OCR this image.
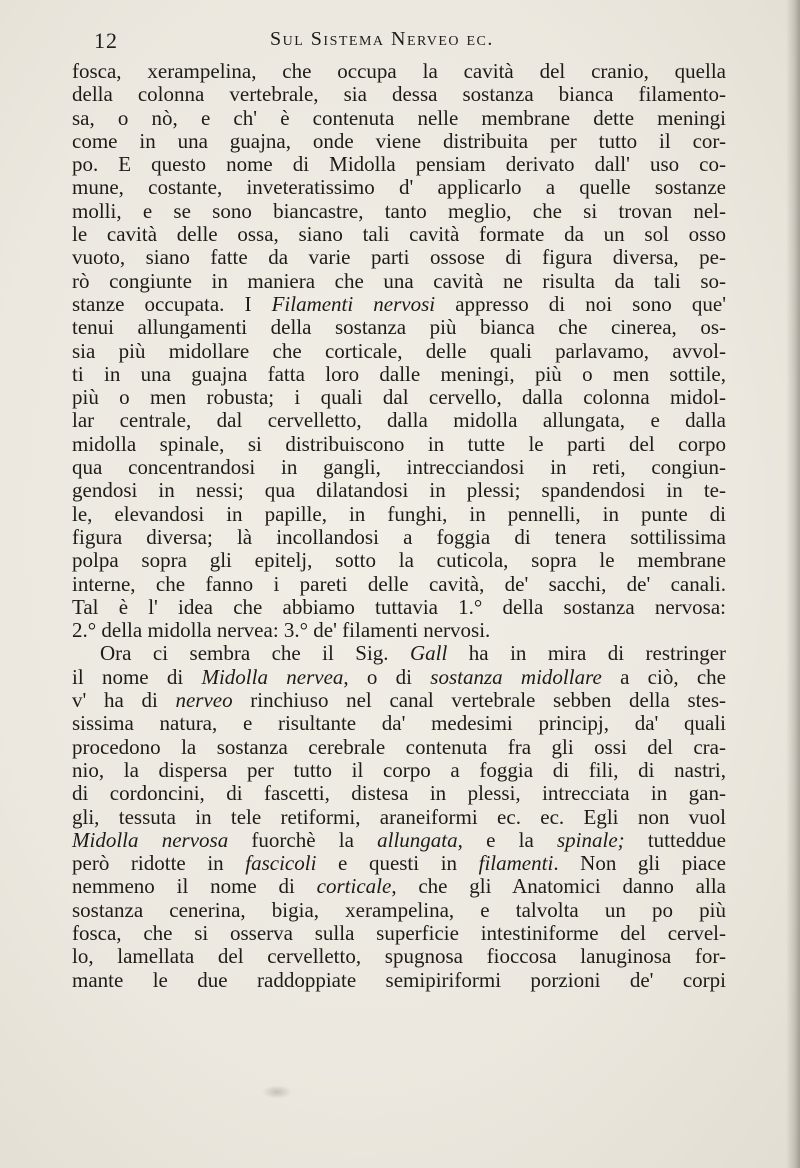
12	Sul Sistema Nerveo ec.
fosca, xerampelina, che occupa la cavità del cranio, quella
della colonna vertebrale, sia dessa sostanza bianca filamento-
sa, o nò, e ch' è contenuta nelle membrane dette meningi
come in una guajna, onde viene distribuita per tutto il cor-
po. E questo nome di Midolla pensiam derivato dall' uso co-
mune, costante, inveteratissimo d' applicarlo a quelle sostanze
molli, e se sono biancastre, tanto meglio, che si trovan nel-
le cavità delle ossa, siano tali cavità formate da un sol osso
vuoto, siano fatte da varie parti ossose di figura diversa, pe-
rò congiunte in maniera che una cavità ne risulta da tali so-
stanze occupata. I Filamenti nervosi appresso di noi sono que'
tenui allungamenti della sostanza più bianca che cinerea, os-
sia più midollare che corticale, delle quali parlavamo, avvol-
ti in una guajna fatta loro dalle meningi, più o men sottile,
più o men robusta; i quali dal cervello, dalla colonna midol-
lar centrale, dal cervelletto, dalla midolla allungata, e dalla
midolla spinale, si distribuiscono in tutte le parti del corpo
qua concentrandosi in gangli, intrecciandosi in reti, congiun-
gendosi in nessi; qua dilatandosi in plessi; spandendosi in te-
le, elevandosi in papille, in funghi, in pennelli, in punte di
figura diversa; là incollandosi a foggia di tenera sottilissima
polpa sopra gli epitelj, sotto la cuticola, sopra le membrane
interne, che fanno i pareti delle cavità, de' sacchi, de' canali.
Tal è l' idea che abbiamo tuttavia 1.° della sostanza nervosa:
2.° della midolla nervea: 3.° de' filamenti nervosi.
Ora ci sembra che il Sig. Gall ha in mira di restringer
il nome di Midolla nervea, o di sostanza midollare a ciò, che
v' ha di nerveo rinchiuso nel canal vertebrale sebben della stes-
sissima natura, e risultante da' medesimi principj, da' quali
procedono la sostanza cerebrale contenuta fra gli ossi del cra-
nio, la dispersa per tutto il corpo a foggia di fili, di nastri,
di cordoncini, di fascetti, distesa in plessi, intrecciata in gan-
gli, tessuta in tele retiformi, araneiformi ec. ec. Egli non vuol
Midolla nervosa fuorchè la allungata, e la spinale; tutteddue
però ridotte in fascicoli e questi in filamenti. Non gli piace
nemmeno il nome di corticale, che gli Anatomici danno alla
sostanza cenerina, bigia, xerampelina, e talvolta un po più
fosca, che si osserva sulla superficie intestiniforme del cervel-
lo, lamellata del cervelletto, spugnosa fioccosa lanuginosa for-
mante le due raddoppiate semipiriformi porzioni de' corpi
